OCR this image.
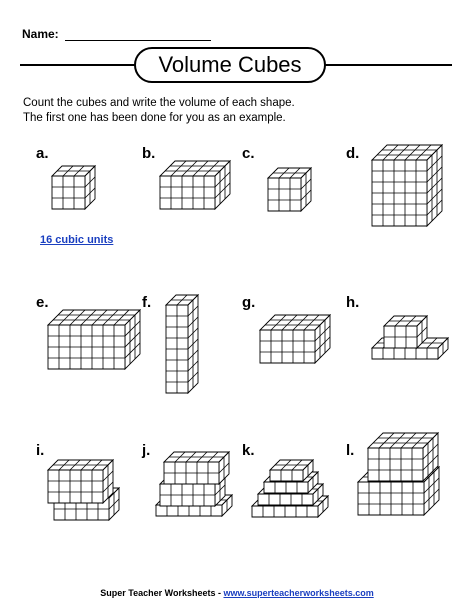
Name:
Volume Cubes
Count the cubes and write the volume of each shape.
The first one has been done for you as an example.
a.	b.	c.	d.
e.	f.	g.	h.
i.	j.	k.	l.
16 cubic units
Super Teacher Worksheets - www.superteacherworksheets.com
